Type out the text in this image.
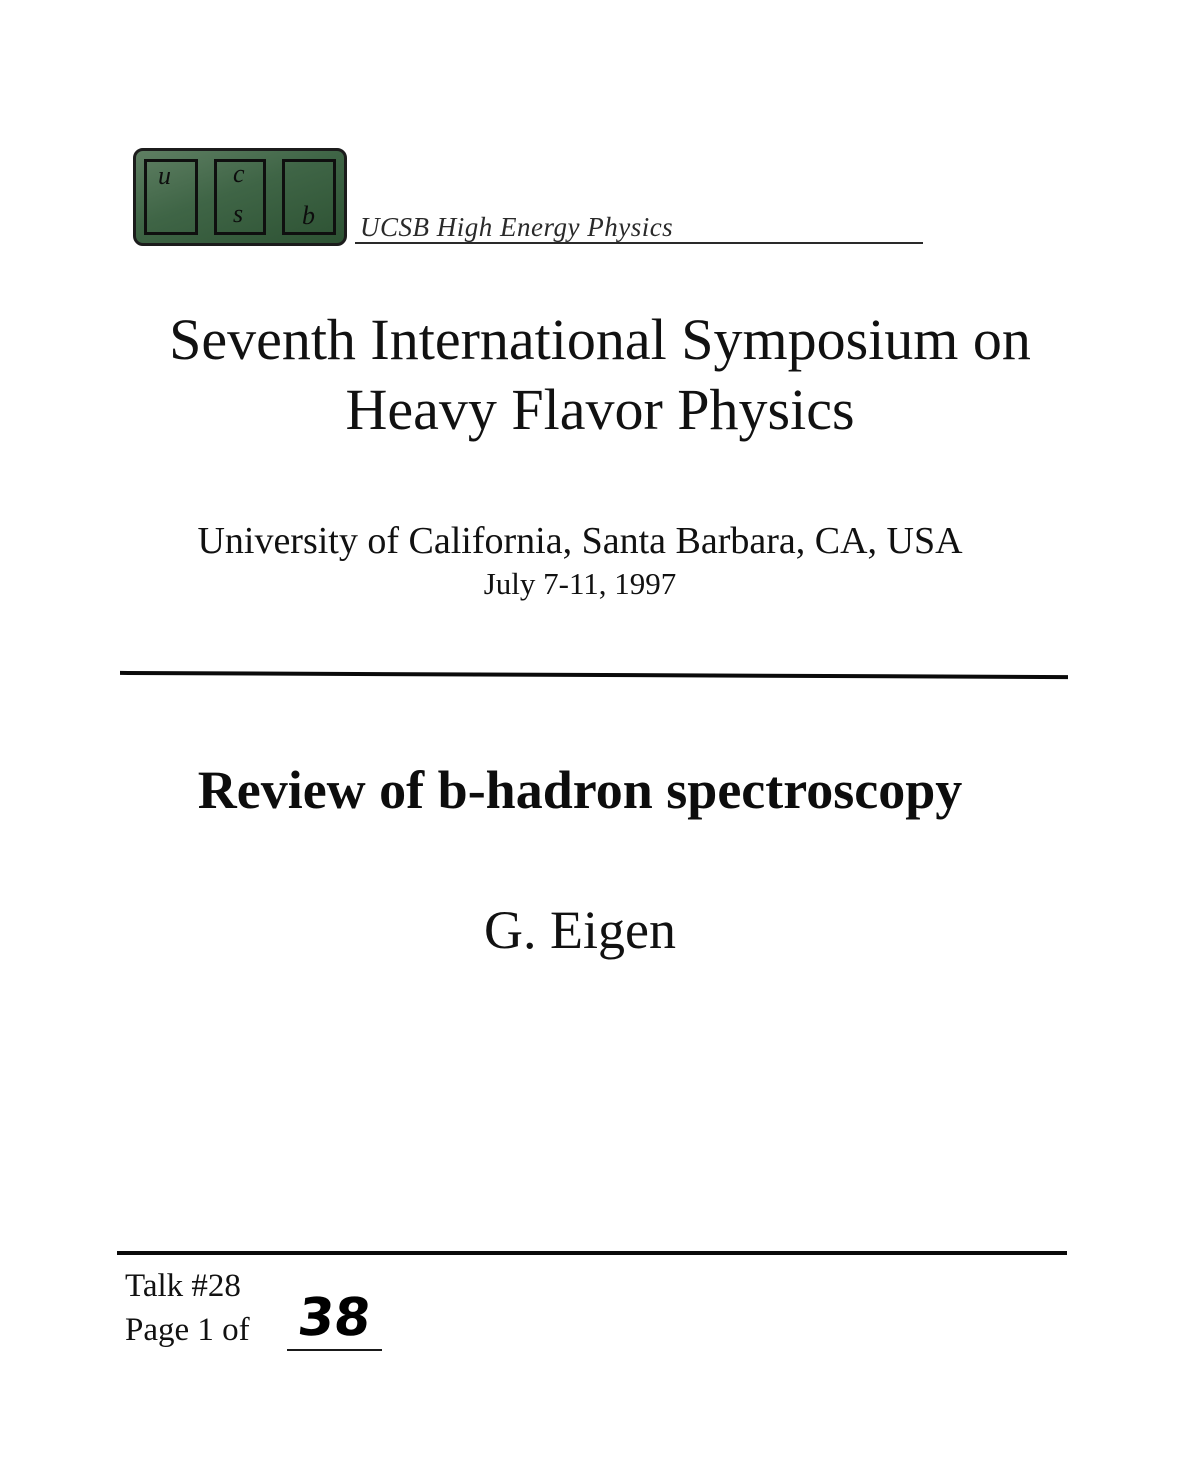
u c
s b UCSB High Energy Physics
Seventh International Symposium on
Heavy Flavor Physics
University of California, Santa Barbara, CA, USA
July 7-11, 1997
Review of b-hadron spectroscopy
G. Eigen
Talk #28
Page 1 of 38
